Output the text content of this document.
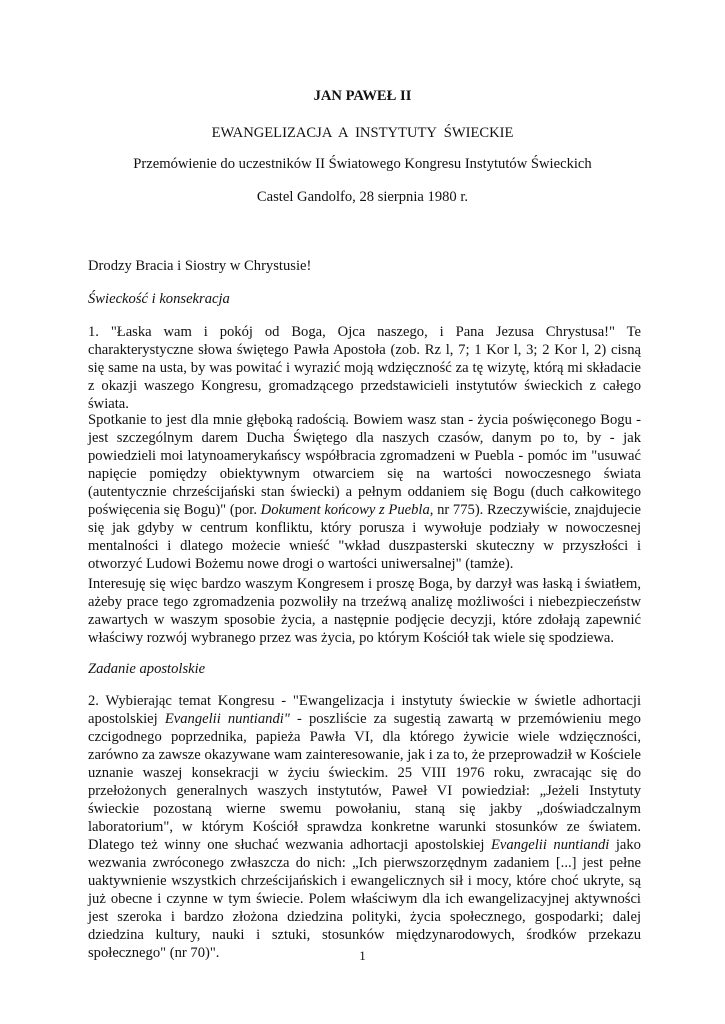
JAN PAWEŁ II
EWANGELIZACJA  A  INSTYTUTY  ŚWIECKIE
Przemówienie do uczestników II Światowego Kongresu Instytutów Świeckich
Castel Gandolfo, 28 sierpnia 1980 r.
Drodzy Bracia i Siostry w Chrystusie!
Świeckość i konsekracja

1. "Łaska wam i pokój od Boga, Ojca naszego, i Pana Jezusa Chrystusa!" Te charakterystyczne słowa świętego Pawła Apostoła (zob. Rz l, 7; 1 Kor l, 3; 2 Kor l, 2) cisną się same na usta, by was powitać i wyrazić moją wdzięczność za tę wizytę, którą mi składacie z okazji waszego Kongresu, gromadzącego przedstawicieli instytutów świeckich z całego świata.

Spotkanie to jest dla mnie głęboką radością. Bowiem wasz stan - życia poświęconego Bogu - jest szczególnym darem Ducha Świętego dla naszych czasów, danym po to, by - jak powiedzieli moi latynoamerykańscy współbracia zgromadzeni w Puebla - pomóc im "usuwać napięcie pomiędzy obiektywnym otwarciem się na wartości nowoczesnego świata (autentycznie chrześcijański stan świecki) a pełnym oddaniem się Bogu (duch całkowitego poświęcenia się Bogu)" (por. Dokument końcowy z Puebla, nr 775). Rzeczywiście, znajdujecie się jak gdyby w centrum konfliktu, który porusza i wywołuje podziały w nowoczesnej mentalności i dlatego możecie wnieść "wkład duszpasterski skuteczny w przyszłości i otworzyć Ludowi Bożemu nowe drogi o wartości uniwersalnej" (tamże).

Interesuję się więc bardzo waszym Kongresem i proszę Boga, by darzył was łaską i światłem, ażeby prace tego zgromadzenia pozwoliły na trzeźwą analizę możliwości i niebezpieczeństw zawartych w waszym sposobie życia, a następnie podjęcie decyzji, które zdołają zapewnić właściwy rozwój wybranego przez was życia, po którym Kościół tak wiele się spodziewa.

Zadanie apostolskie

2. Wybierając temat Kongresu - "Ewangelizacja i instytuty świeckie w świetle adhortacji apostolskiej Evangelii nuntiandi" - poszliście za sugestią zawartą w przemówieniu mego czcigodnego poprzednika, papieża Pawła VI, dla którego żywicie wiele wdzięczności, zarówno za zawsze okazywane wam zainteresowanie, jak i za to, że przeprowadził w Kościele uznanie waszej konsekracji w życiu świeckim. 25 VIII 1976 roku, zwracając się do przełożonych generalnych waszych instytutów, Paweł VI powiedział: „Jeżeli Instytuty świeckie pozostaną wierne swemu powołaniu, staną się jakby „doświadczalnym laboratorium", w którym Kościół sprawdza konkretne warunki stosunków ze światem. Dlatego też winny one słuchać wezwania adhortacji apostolskiej Evangelii nuntiandi jako wezwania zwróconego zwłaszcza do nich: „Ich pierwszorzędnym zadaniem [...] jest pełne uaktywnienie wszystkich chrześcijańskich i ewangelicznych sił i mocy, które choć ukryte, są już obecne i czynne w tym świecie. Polem właściwym dla ich ewangelizacyjnej aktywności jest szeroka i bardzo złożona dziedzina polityki, życia społecznego, gospodarki; dalej dziedzina kultury, nauki i sztuki, stosunków międzynarodowych, środków przekazu społecznego" (nr 70)".	1
